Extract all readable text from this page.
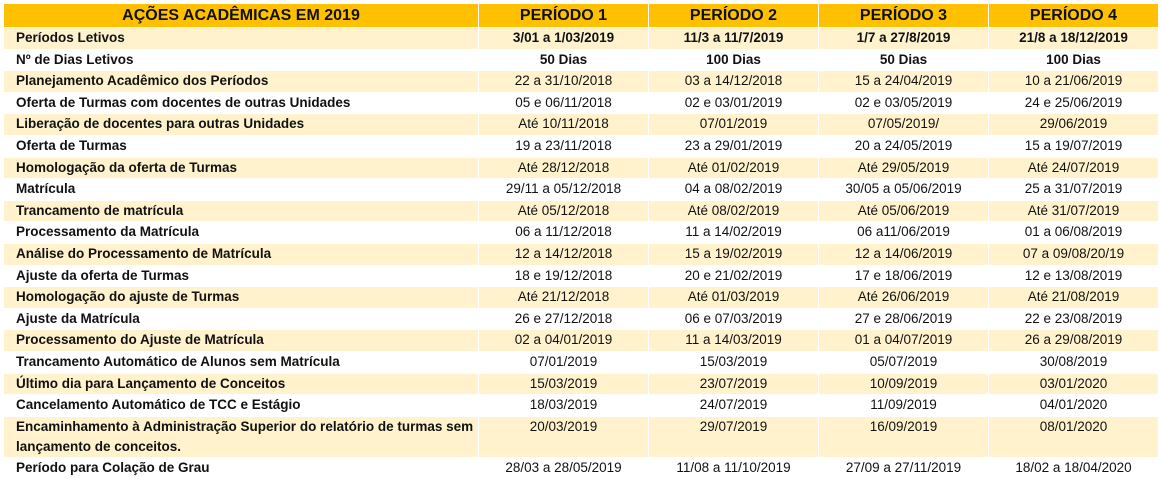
AÇÕES ACADÊMICAS EM 2019	PERÍODO 1	PERÍODO 2	PERÍODO 3	PERÍODO 4
Períodos Letivos	3/01 a 1/03/2019	11/3 a 11/7/2019	1/7 a 27/8/2019	21/8 a 18/12/2019
Nº de Dias Letivos	50 Dias	100 Dias	50 Dias	100 Dias
Planejamento Acadêmico dos Períodos	22 a 31/10/2018	03 a 14/12/2018	15 a 24/04/2019	10 a 21/06/2019
Oferta de Turmas com docentes de outras Unidades	05 e 06/11/2018	02 e 03/01/2019	02 e 03/05/2019	24 e 25/06/2019
Liberação de docentes para outras Unidades	Até 10/11/2018	07/01/2019	07/05/2019/	29/06/2019
Oferta de Turmas	19 a 23/11/2018	23 a 29/01/2019	20 a 24/05/2019	15 a 19/07/2019
Homologação da oferta de Turmas	Até 28/12/2018	Até 01/02/2019	Até 29/05/2019	Até 24/07/2019
Matrícula	29/11 a 05/12/2018	04 a 08/02/2019	30/05 a 05/06/2019	25 a 31/07/2019
Trancamento de matrícula	Até 05/12/2018	Até 08/02/2019	Até 05/06/2019	Até 31/07/2019
Processamento da Matrícula	06 a 11/12/2018	11 a 14/02/2019	06 a11/06/2019	01 a 06/08/2019
Análise do Processamento de Matrícula	12 a 14/12/2018	15 a 19/02/2019	12 a 14/06/2019	07 a 09/08/20/19
Ajuste da oferta de Turmas	18 e 19/12/2018	20 e 21/02/2019	17 e 18/06/2019	12 e 13/08/2019
Homologação do ajuste de Turmas	Até 21/12/2018	Até 01/03/2019	Até 26/06/2019	Até 21/08/2019
Ajuste da Matrícula	26 e 27/12/2018	06 e 07/03/2019	27 e 28/06/2019	22 e 23/08/2019
Processamento do Ajuste de Matrícula	02 a 04/01/2019	11 a 14/03/2019	01 a 04/07/2019	26 a 29/08/2019
Trancamento Automático de Alunos sem Matrícula	07/01/2019	15/03/2019	05/07/2019	30/08/2019
Último dia para Lançamento de Conceitos	15/03/2019	23/07/2019	10/09/2019	03/01/2020
Cancelamento Automático de TCC e Estágio	18/03/2019	24/07/2019	11/09/2019	04/01/2020
Encaminhamento à Administração Superior do relatório de turmas sem lançamento de conceitos.	20/03/2019	29/07/2019	16/09/2019	08/01/2020
Período para Colação de Grau	28/03 a 28/05/2019	11/08 a 11/10/2019	27/09 a 27/11/2019	18/02 a 18/04/2020
